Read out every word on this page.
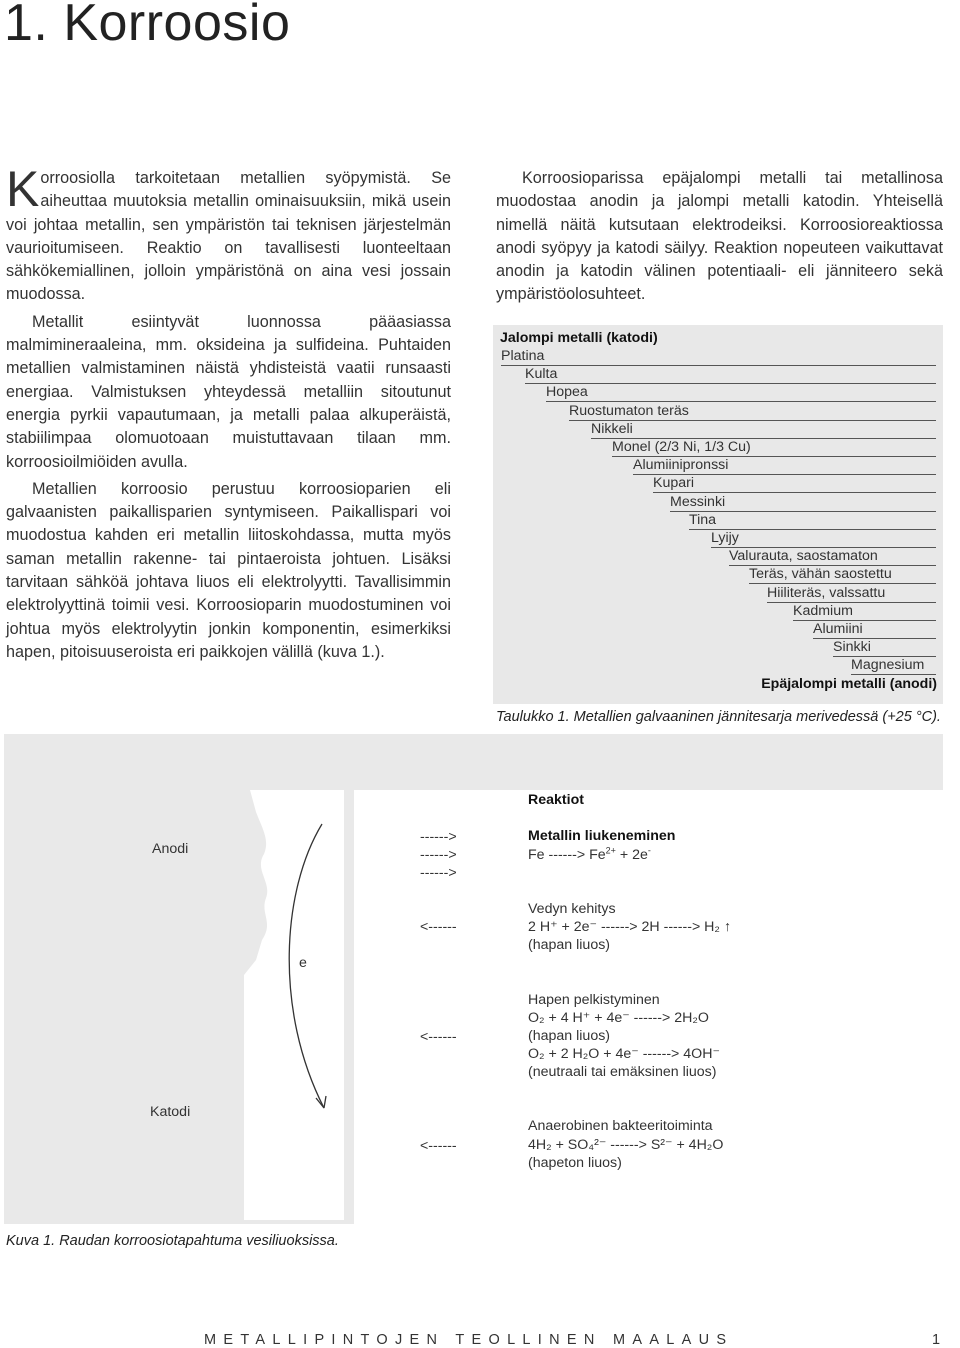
1. Korroosio

Korroosiolla tarkoitetaan metallien syöpymistä. Se aiheuttaa muutoksia metallin ominaisuuksiin, mikä usein voi johtaa metallin, sen ympäristön tai teknisen järjestelmän vaurioitumiseen. Reaktio on tavallisesti luonteeltaan sähkökemiallinen, jolloin ympäristönä on aina vesi jossain muodossa.

Metallit esiintyvät luonnossa pääasiassa malmimineraaleina, mm. oksideina ja sulfideina. Puhtaiden metallien valmistaminen näistä yhdisteistä vaatii runsaasti energiaa. Valmistuksen yhteydessä metalliin sitoutunut energia pyrkii vapautumaan, ja metalli palaa alkuperäistä, stabiilimpaa olomuotoaan muistuttavaan tilaan mm. korroosioilmiöiden avulla.

Metallien korroosio perustuu korroosioparien eli galvaanisten paikallisparien syntymiseen. Paikallispari voi muodostua kahden eri metallin liitoskohdassa, mutta myös saman metallin rakenne- tai pintaeroista johtuen. Lisäksi tarvitaan sähköä johtava liuos eli elektrolyytti. Tavallisimmin elektrolyyttinä toimii vesi. Korroosioparin muodostuminen voi johtua myös elektrolyytin jonkin komponentin, esimerkiksi hapen, pitoisuuseroista eri paikkojen välillä (kuva 1.).

Korroosioparissa epäjalompi metalli tai metallinosa muodostaa anodin ja jalompi metalli katodin. Yhteisellä nimellä näitä kutsutaan elektrodeiksi. Korroosioreaktiossa anodi syöpyy ja katodi säilyy. Reaktion nopeuteen vaikuttavat anodin ja katodin välinen potentiaali- eli jänniteero sekä ympäristöolosuhteet.

Jalompi metalli (katodi)
Platina
Kulta
Hopea
Ruostumaton teräs
Nikkeli
Monel (2/3 Ni, 1/3 Cu)
Alumiinipronssi
Kupari
Messinki
Tina
Lyijy
Valurauta, saostamaton
Teräs, vähän saostettu
Hiiliteräs, valssattu
Kadmium
Alumiini
Sinkki
Magnesium
Epäjalompi metalli (anodi)
Taulukko 1. Metallien galvaaninen jännitesarja merivedessä (+25 °C).
Anodi
Katodi
e
Reaktiot
------>
------>
------>
<------
<------
<------
Metallin liukeneminen
Fe ------> $Fe^{2+} + 2e^-$
Vedyn kehitys
2 H⁺ + 2e⁻ ------> 2H ------> H₂ ↑
(hapan liuos)
Hapen pelkistyminen
O₂ + 4 H⁺ + 4e⁻ ------> 2H₂O
(hapan liuos)
O₂ + 2 H₂O + 4e⁻ ------> 4OH⁻
(neutraali tai emäksinen liuos)
Anaerobinen bakteeritoiminta
4H₂ + SO₄²⁻ ------> S²⁻ + 4H₂O
(hapeton liuos)
Kuva 1. Raudan korroosiotapahtuma vesiliuoksissa.
METALLIPINTOJEN TEOLLINEN MAALAUS	1
